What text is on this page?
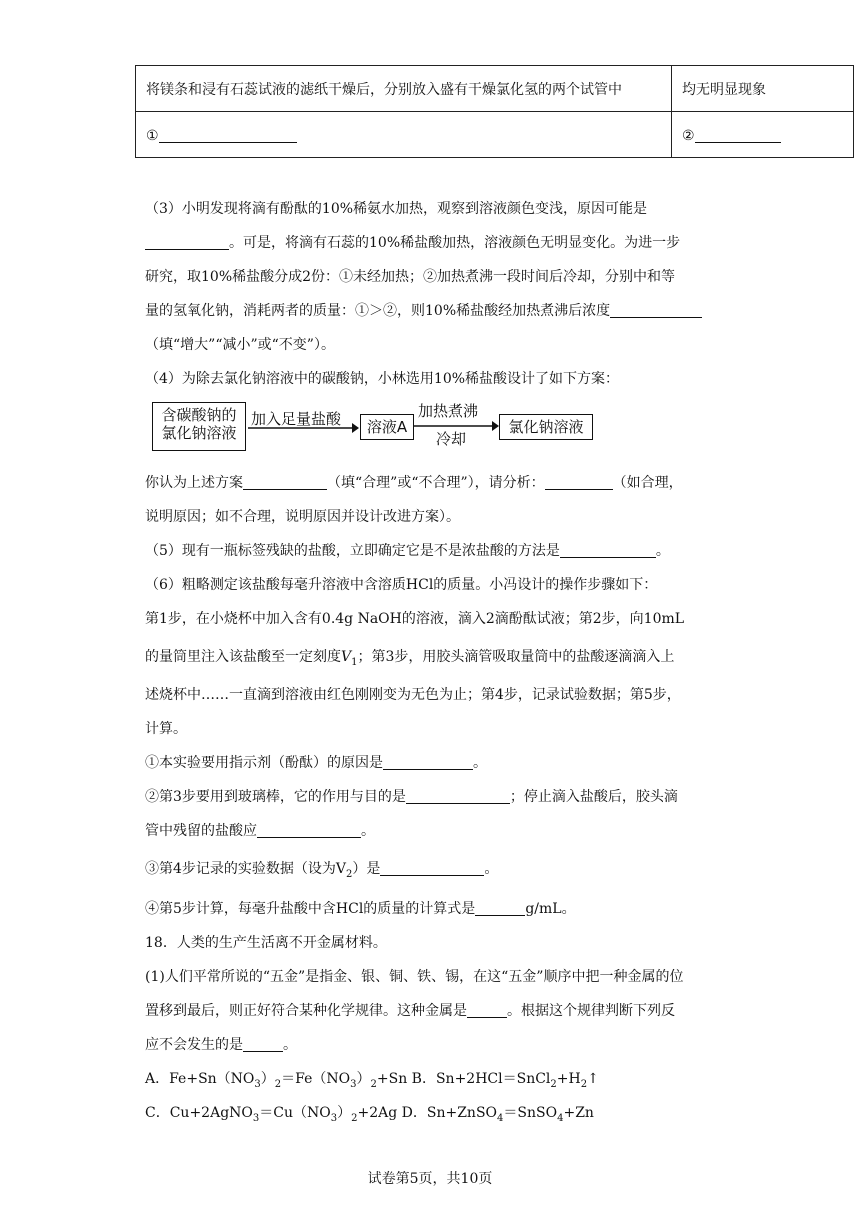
将镁条和浸有石蕊试液的滤纸干燥后，分别放入盛有干燥氯化氢的两个试管中	均无明显现象
①	②
（3）小明发现将滴有酚酞的10%稀氨水加热，观察到溶液颜色变浅，原因可能是
。可是，将滴有石蕊的10%稀盐酸加热，溶液颜色无明显变化。为进一步
研究，取10%稀盐酸分成2份：①未经加热；②加热煮沸一段时间后冷却，分别中和等
量的氢氧化钠，消耗两者的质量：①＞②，则10%稀盐酸经加热煮沸后浓度
（填“增大”“减小”或“不变”）。
（4）为除去氯化钠溶液中的碳酸钠，小林选用10%稀盐酸设计了如下方案：
含碳酸钠的
氯化钠溶液
加入足量盐酸	溶液A
加热煮沸
冷却
氯化钠溶液
你认为上述方案	（填“合理”或“不合理”），请分析：	（如合理，
说明原因；如不合理，说明原因并设计改进方案）。
（5）现有一瓶标签残缺的盐酸，立即确定它是不是浓盐酸的方法是	。
（6）粗略测定该盐酸每毫升溶液中含溶质HCl的质量。小冯设计的操作步骤如下：
第1步，在小烧杯中加入含有0.4g NaOH的溶液，滴入2滴酚酞试液；第2步，向10mL
的量筒里注入该盐酸至一定刻度$V_1$；第3步，用胶头滴管吸取量筒中的盐酸逐滴滴入上
述烧杯中……一直滴到溶液由红色刚刚变为无色为止；第4步，记录试验数据；第5步，
计算。
①本实验要用指示剂（酚酞）的原因是	。
②第3步要用到玻璃棒，它的作用与目的是	；停止滴入盐酸后，胶头滴
管中残留的盐酸应	。
③第4步记录的实验数据（设为$V_2$）是	。
④第5步计算，每毫升盐酸中含HCl的质量的计算式是	g/mL。
18．人类的生产生活离不开金属材料。
(1)人们平常所说的“五金”是指金、银、铜、铁、锡，在这“五金”顺序中把一种金属的位
置移到最后，则正好符合某种化学规律。这种金属是	。根据这个规律判断下列反
应不会发生的是	。
A．$Fe+Sn(NO_3)_2=Fe(NO_3)_2+Sn$ B．$Sn+2HCl=SnCl_2+H_2↑$
C．$Cu+2AgNO_3=Cu(NO_3)_2+2Ag$ D．Sn+ZnSO$_4$＝SnSO$_4$+Zn
试卷第5页，共10页
